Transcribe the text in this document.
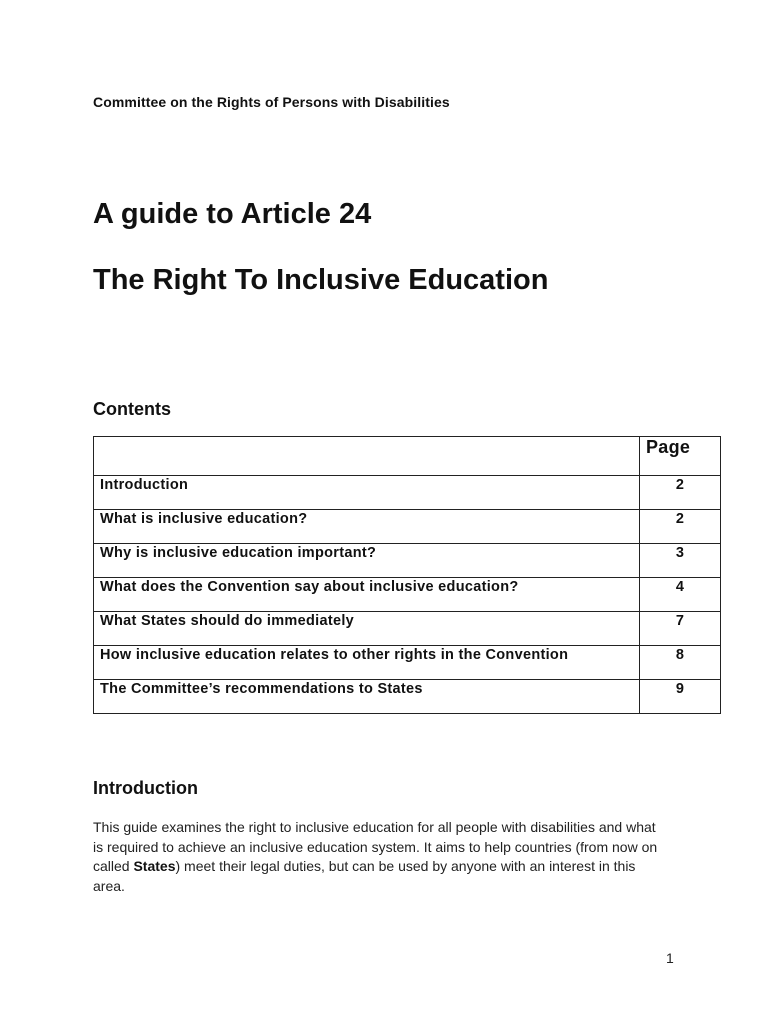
Committee on the Rights of Persons with Disabilities
A guide to Article 24
The Right To Inclusive Education
Contents

	Page

Introduction	2
What is inclusive education?	2
Why is inclusive education important?	3
What does the Convention say about inclusive education?	4
What States should do immediately	7
How inclusive education relates to other rights in the Convention	8
The Committee’s recommendations to States	9
Introduction
This guide examines the right to inclusive education for all people with disabilities and what is required to achieve an inclusive education system. It aims to help countries (from now on called States) meet their legal duties, but can be used by anyone with an interest in this area.
1
